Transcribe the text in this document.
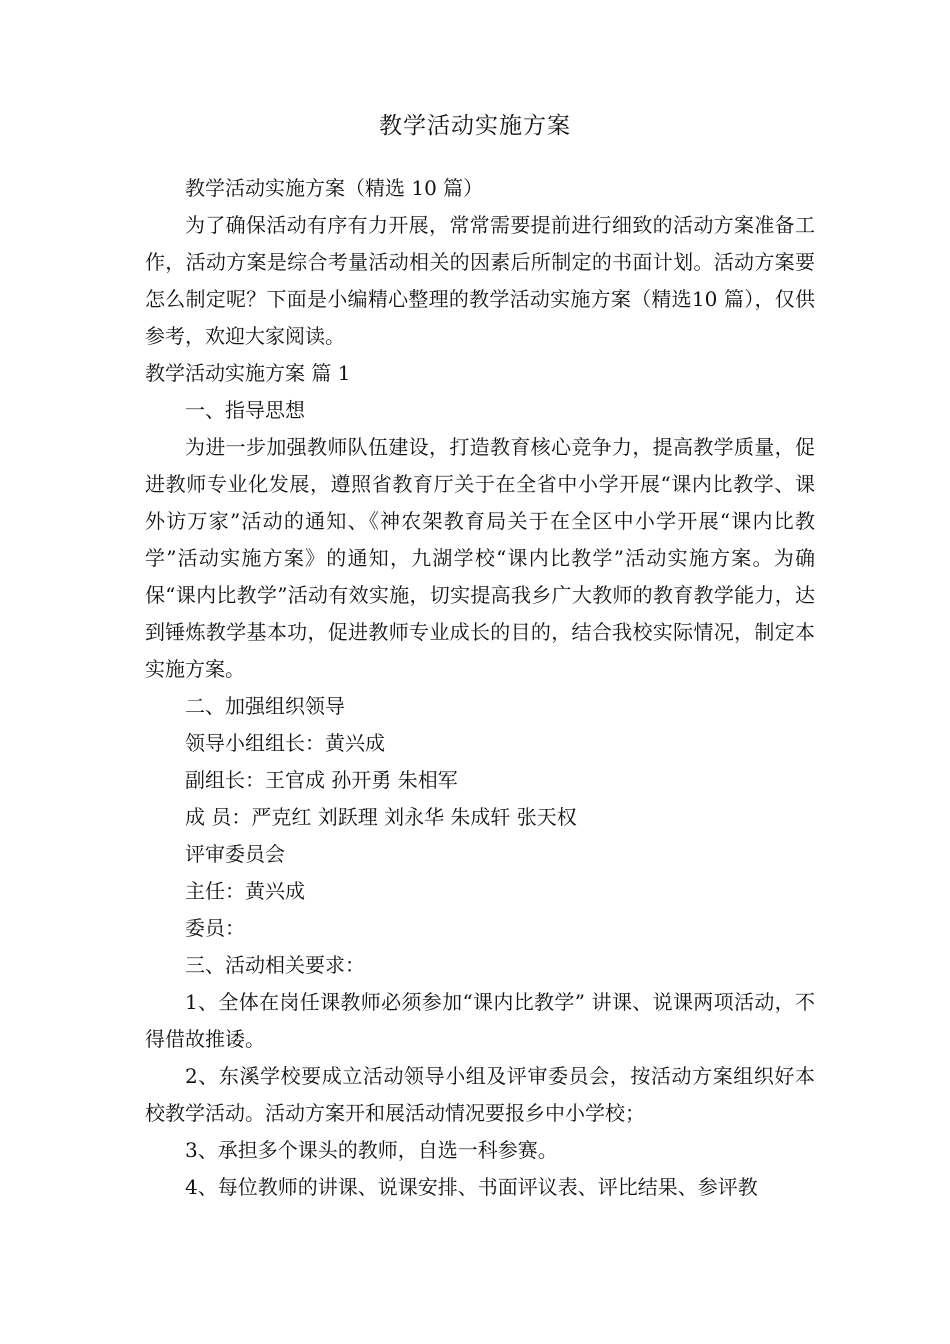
教学活动实施方案

教学活动实施方案（精选 10 篇）

为了确保活动有序有力开展，常常需要提前进行细致的活动方案准备工作，活动方案是综合考量活动相关的因素后所制定的书面计划。活动方案要怎么制定呢？下面是小编精心整理的教学活动实施方案（精选10 篇），仅供参考，欢迎大家阅读。

教学活动实施方案 篇 1

一、指导思想

为进一步加强教师队伍建设，打造教育核心竞争力，提高教学质量，促进教师专业化发展，遵照省教育厅关于在全省中小学开展“课内比教学、课外访万家”活动的通知、《神农架教育局关于在全区中小学开展“课内比教学”活动实施方案》的通知，九湖学校“课内比教学”活动实施方案。为确保“课内比教学”活动有效实施，切实提高我乡广大教师的教育教学能力，达到锤炼教学基本功，促进教师专业成长的目的，结合我校实际情况，制定本实施方案。

二、加强组织领导

领导小组组长：黄兴成

副组长：王官成 孙开勇 朱相军

成 员：严克红 刘跃理 刘永华 朱成轩 张天权

评审委员会

主任：黄兴成

委员：

三、活动相关要求：

1、全体在岗任课教师必须参加“课内比教学” 讲课、说课两项活动，不得借故推诿。

2、东溪学校要成立活动领导小组及评审委员会，按活动方案组织好本校教学活动。活动方案开和展活动情况要报乡中小学校；

3、承担多个课头的教师，自选一科参赛。

4、每位教师的讲课、说课安排、书面评议表、评比结果、参评教
